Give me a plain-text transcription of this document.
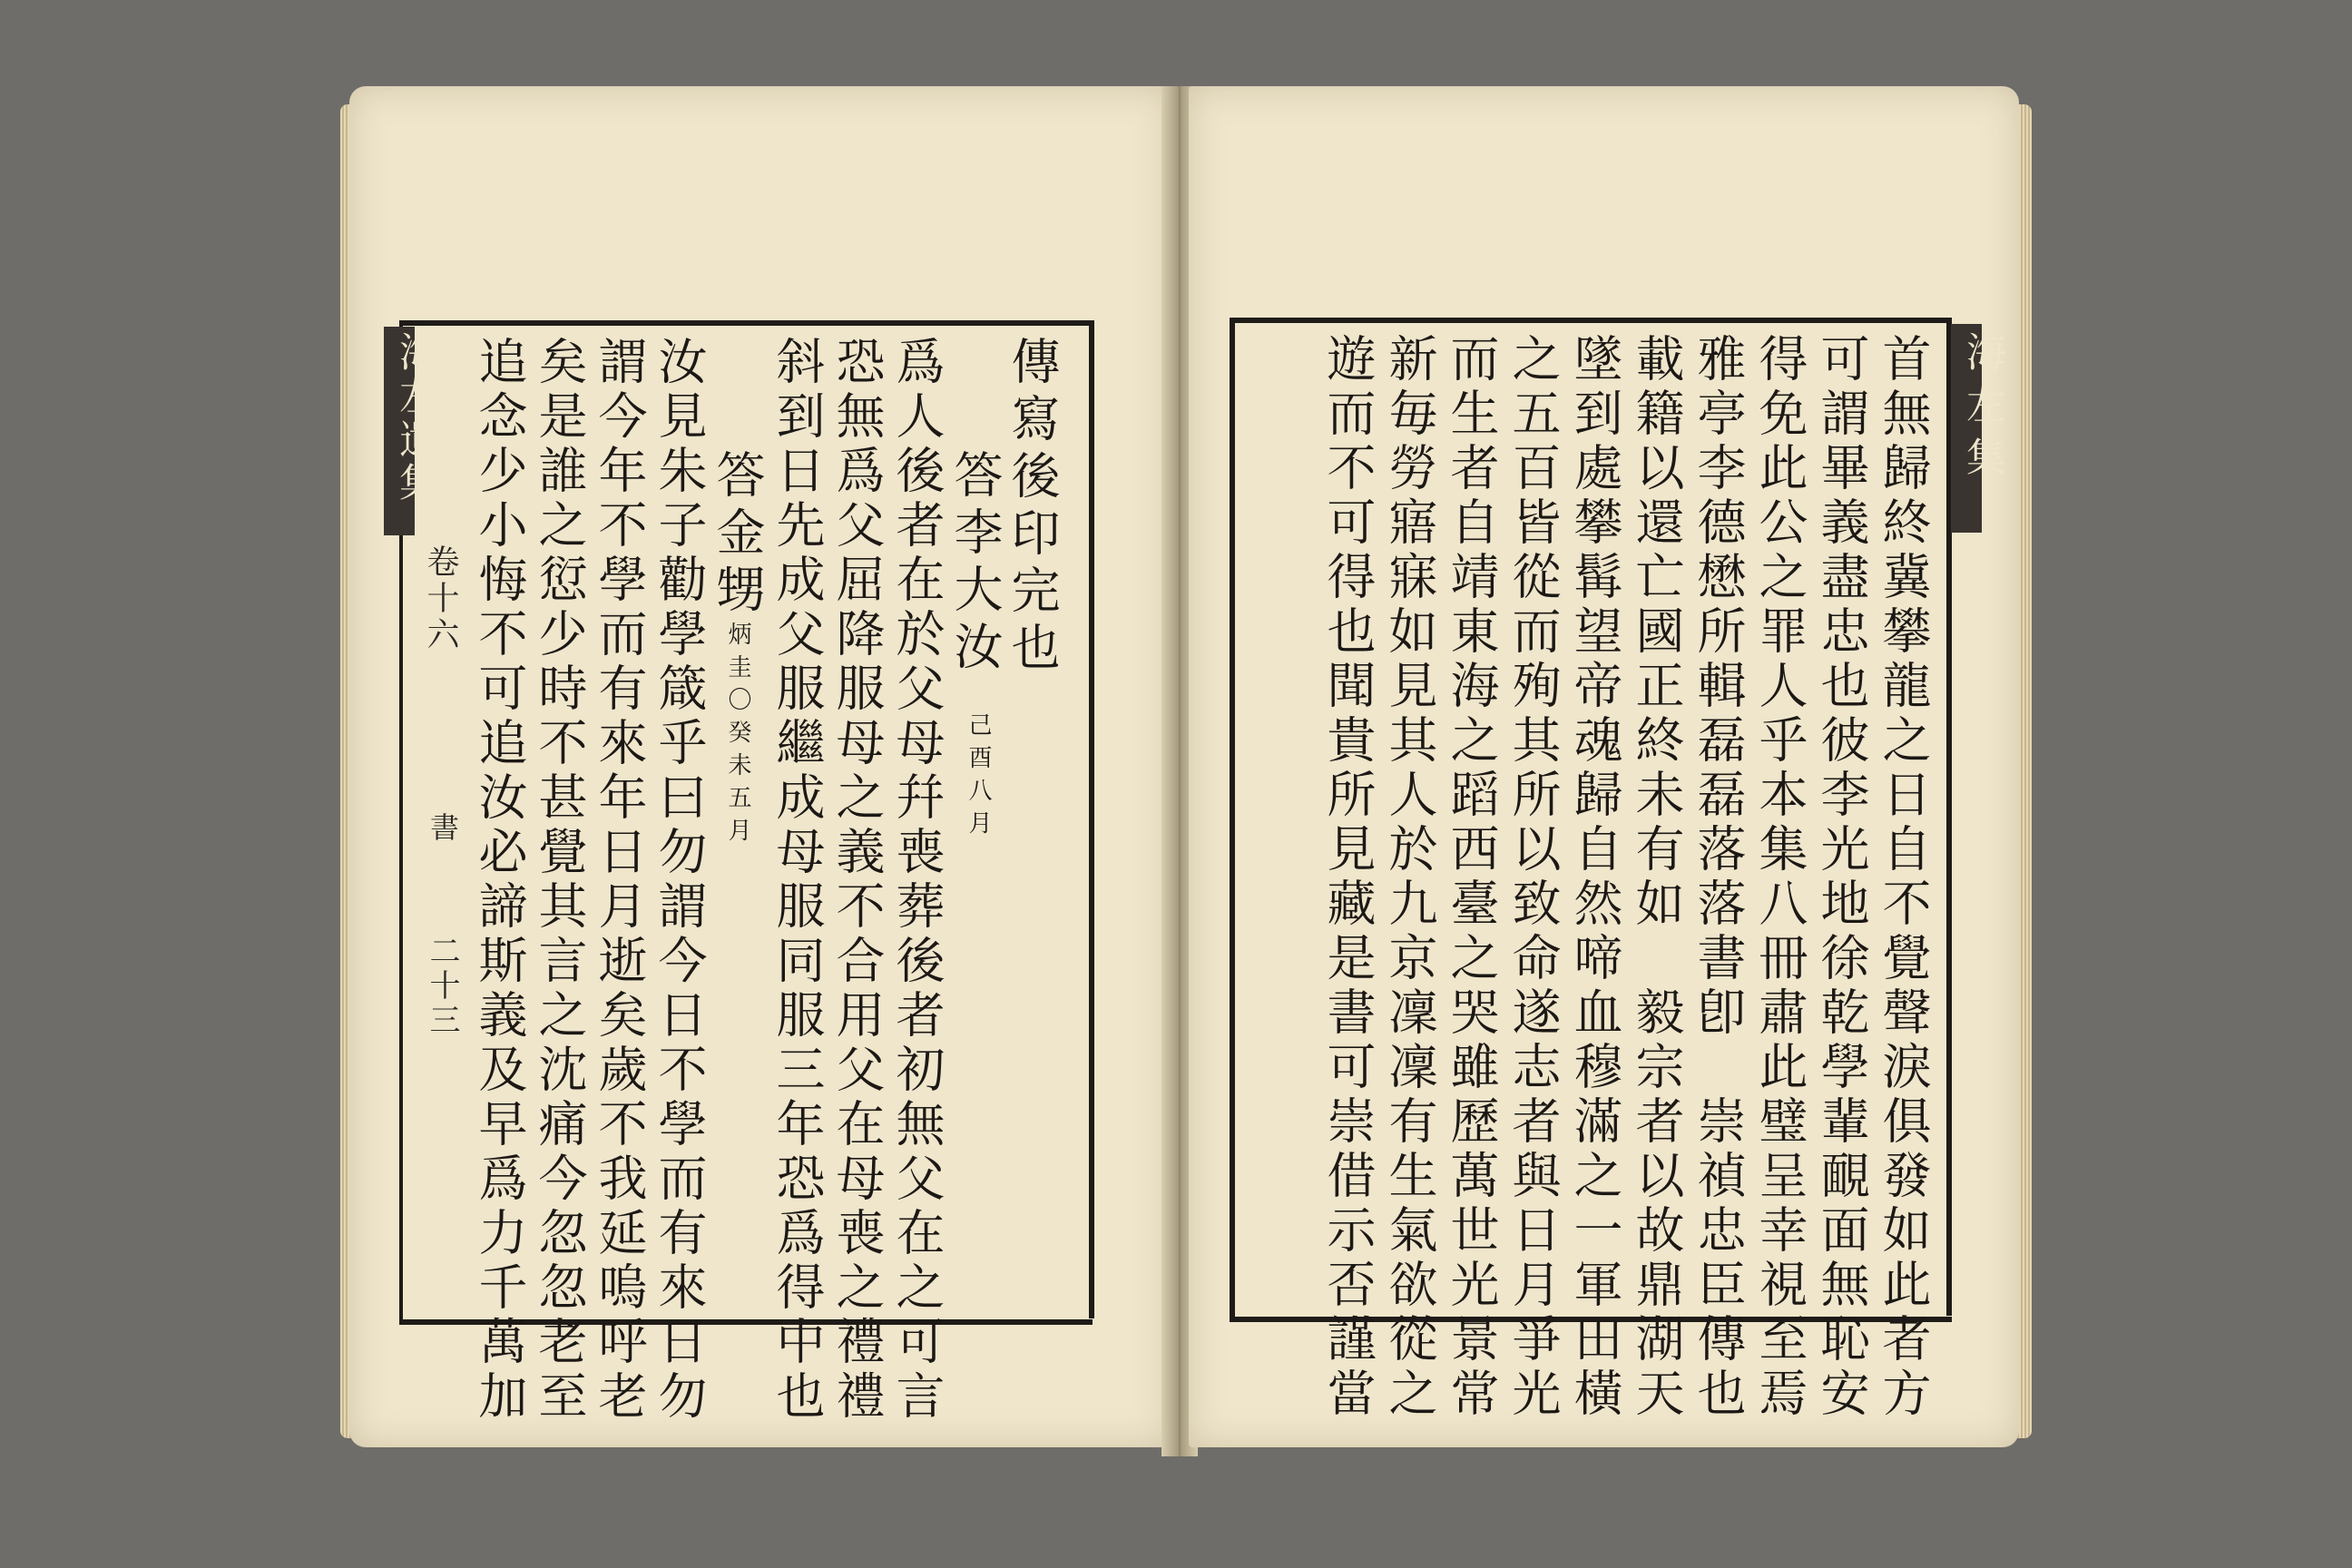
海左遺集
卷十六
書
二十三
傳寫後印完也
答李大汝
己酉八月
爲人後者在於父母幷喪葬後者初無父在之可言
恐無爲父屈降服母之義不合用父在母喪之禮禮
斜到日先成父服繼成母服同服三年恐爲得中也
答金甥
炳圭〇癸未五月
汝見朱子勸學箴乎曰勿謂今日不學而有來日勿
謂今年不學而有來年日月逝矣歲不我延嗚呼老
矣是誰之愆少時不甚覺其言之沈痛今忽忽老至
追念少小悔不可追汝必諦斯義及早爲力千萬加	海左集
首無歸終冀攀龍之日自不覺聲淚俱發如此者方
可謂畢義盡忠也彼李光地徐乾學輩靦面無恥安
得免此公之罪人乎本集八冊肅此璧呈幸視至焉
雅亭李德懋所輯磊磊落落書卽　崇禎忠臣傳也
載籍以還亡國正終未有如　毅宗者以故鼎湖天
墜到處攀髯望帝魂歸自然啼血穆滿之一軍田橫
之五百皆從而殉其所以致命遂志者與日月爭光
而生者自靖東海之蹈西臺之哭雖歷萬世光景常
新毎勞寤寐如見其人於九京凜凜有生氣欲從之
遊而不可得也聞貴所見藏是書可崇借示否謹當
